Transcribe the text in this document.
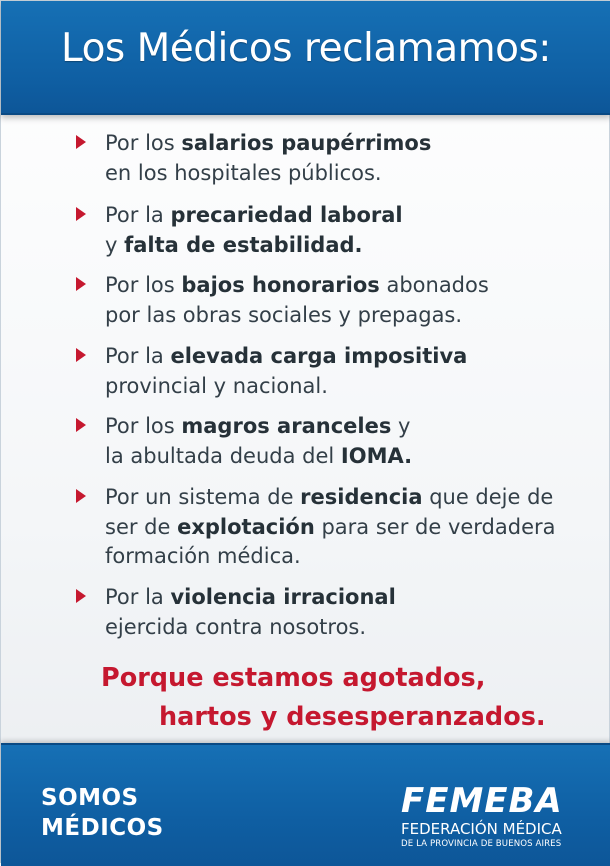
Los Médicos reclamamos:
Por los salarios paupérrimos
en los hospitales públicos.
Por la precariedad laboral
y falta de estabilidad.
Por los bajos honorarios abonados
por las obras sociales y prepagas.
Por la elevada carga impositiva
provincial y nacional.
Por los magros aranceles y
la abultada deuda del IOMA.
Por un sistema de residencia que deje de
ser de explotación para ser de verdadera
formación médica.
Por la violencia irracional
ejercida contra nosotros.
Porque estamos agotados,
hartos y desesperanzados.
SOMOS
MÉDICOS
FEMEBA
FEDERACIÓN MÉDICA
DE LA PROVINCIA DE BUENOS AIRES
